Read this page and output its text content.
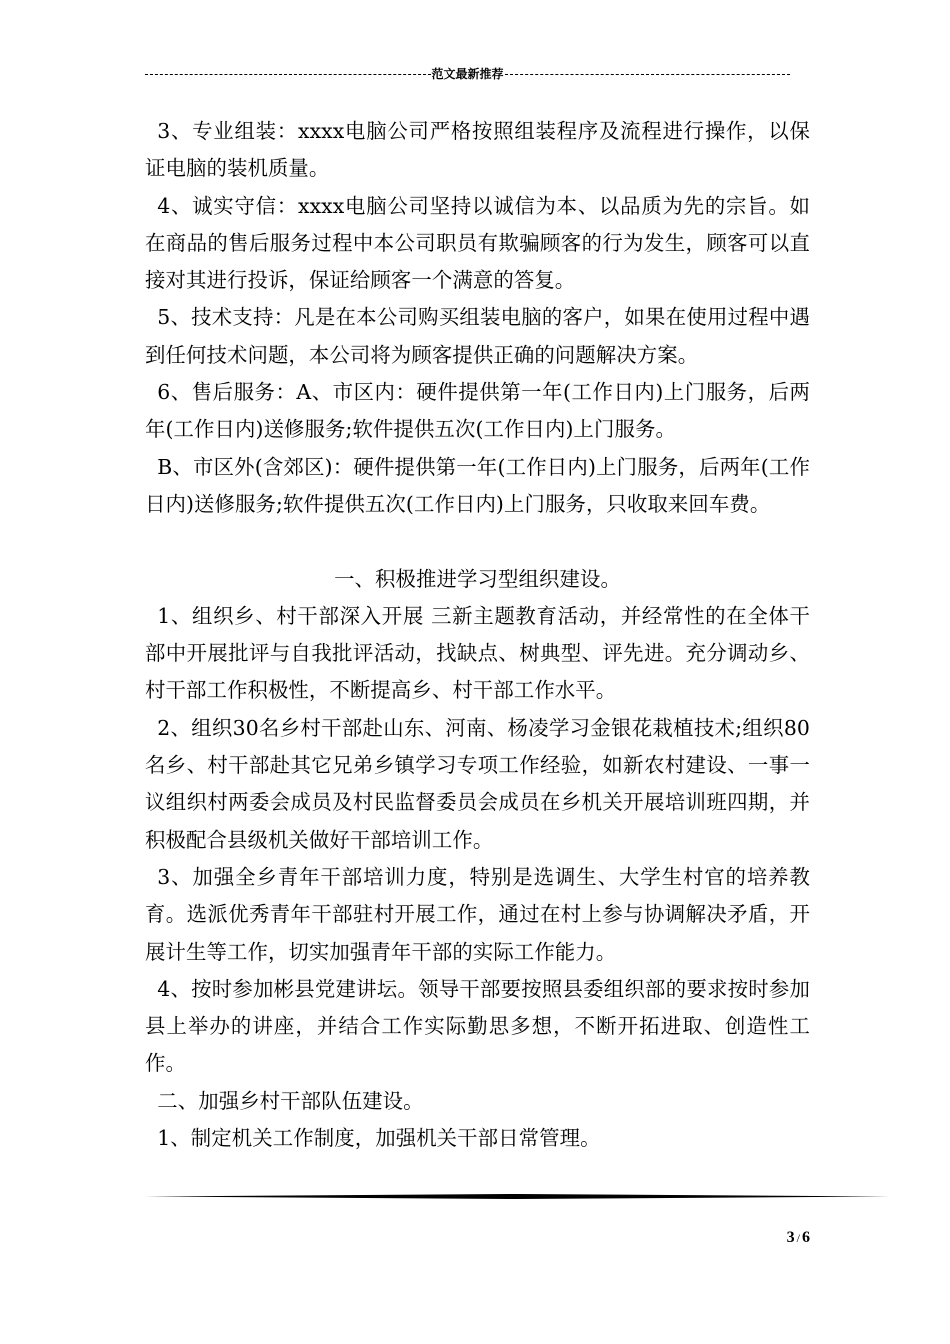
范文最新推荐

3、专业组装：xxxx电脑公司严格按照组装程序及流程进行操作，以保证电脑的装机质量。

4、诚实守信：xxxx电脑公司坚持以诚信为本、以品质为先的宗旨。如在商品的售后服务过程中本公司职员有欺骗顾客的行为发生，顾客可以直接对其进行投诉，保证给顾客一个满意的答复。

5、技术支持：凡是在本公司购买组装电脑的客户，如果在使用过程中遇到任何技术问题，本公司将为顾客提供正确的问题解决方案。

6、售后服务：A、市区内：硬件提供第一年(工作日内)上门服务，后两年(工作日内)送修服务;软件提供五次(工作日内)上门服务。

B、市区外(含郊区)：硬件提供第一年(工作日内)上门服务，后两年(工作日内)送修服务;软件提供五次(工作日内)上门服务，只收取来回车费。

一、积极推进学习型组织建设。

1、组织乡、村干部深入开展 三新主题教育活动，并经常性的在全体干部中开展批评与自我批评活动，找缺点、树典型、评先进。充分调动乡、村干部工作积极性，不断提高乡、村干部工作水平。

2、组织30名乡村干部赴山东、河南、杨凌学习金银花栽植技术;组织80名乡、村干部赴其它兄弟乡镇学习专项工作经验，如新农村建设、一事一议组织村两委会成员及村民监督委员会成员在乡机关开展培训班四期，并积极配合县级机关做好干部培训工作。

3、加强全乡青年干部培训力度，特别是选调生、大学生村官的培养教育。选派优秀青年干部驻村开展工作，通过在村上参与协调解决矛盾，开展计生等工作，切实加强青年干部的实际工作能力。

4、按时参加彬县党建讲坛。领导干部要按照县委组织部的要求按时参加县上举办的讲座，并结合工作实际勤思多想，不断开拓进取、创造性工作。

二、加强乡村干部队伍建设。

1、制定机关工作制度，加强机关干部日常管理。

3 / 6
